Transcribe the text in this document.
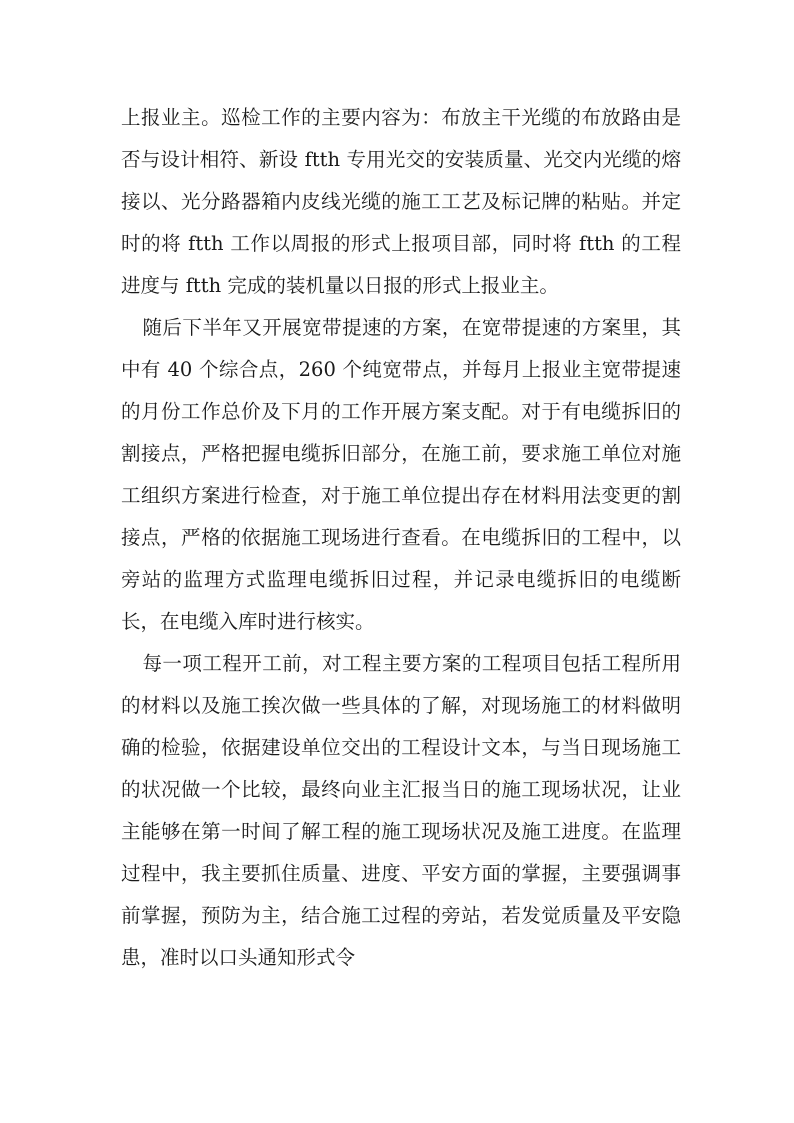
上报业主。巡检工作的主要内容为：布放主干光缆的布放路由是否与设计相符、新设 ftth 专用光交的安装质量、光交内光缆的熔接以、光分路器箱内皮线光缆的施工工艺及标记牌的粘贴。并定时的将 ftth 工作以周报的形式上报项目部，同时将 ftth 的工程进度与 ftth 完成的装机量以日报的形式上报业主。

随后下半年又开展宽带提速的方案，在宽带提速的方案里，其中有 40 个综合点，260 个纯宽带点，并每月上报业主宽带提速的月份工作总价及下月的工作开展方案支配。对于有电缆拆旧的割接点，严格把握电缆拆旧部分，在施工前，要求施工单位对施工组织方案进行检查，对于施工单位提出存在材料用法变更的割接点，严格的依据施工现场进行查看。在电缆拆旧的工程中，以旁站的监理方式监理电缆拆旧过程，并记录电缆拆旧的电缆断长，在电缆入库时进行核实。

每一项工程开工前，对工程主要方案的工程项目包括工程所用的材料以及施工挨次做一些具体的了解，对现场施工的材料做明确的检验，依据建设单位交出的工程设计文本，与当日现场施工的状况做一个比较，最终向业主汇报当日的施工现场状况，让业主能够在第一时间了解工程的施工现场状况及施工进度。在监理过程中，我主要抓住质量、进度、平安方面的掌握，主要强调事前掌握，预防为主，结合施工过程的旁站，若发觉质量及平安隐患，准时以口头通知形式令
